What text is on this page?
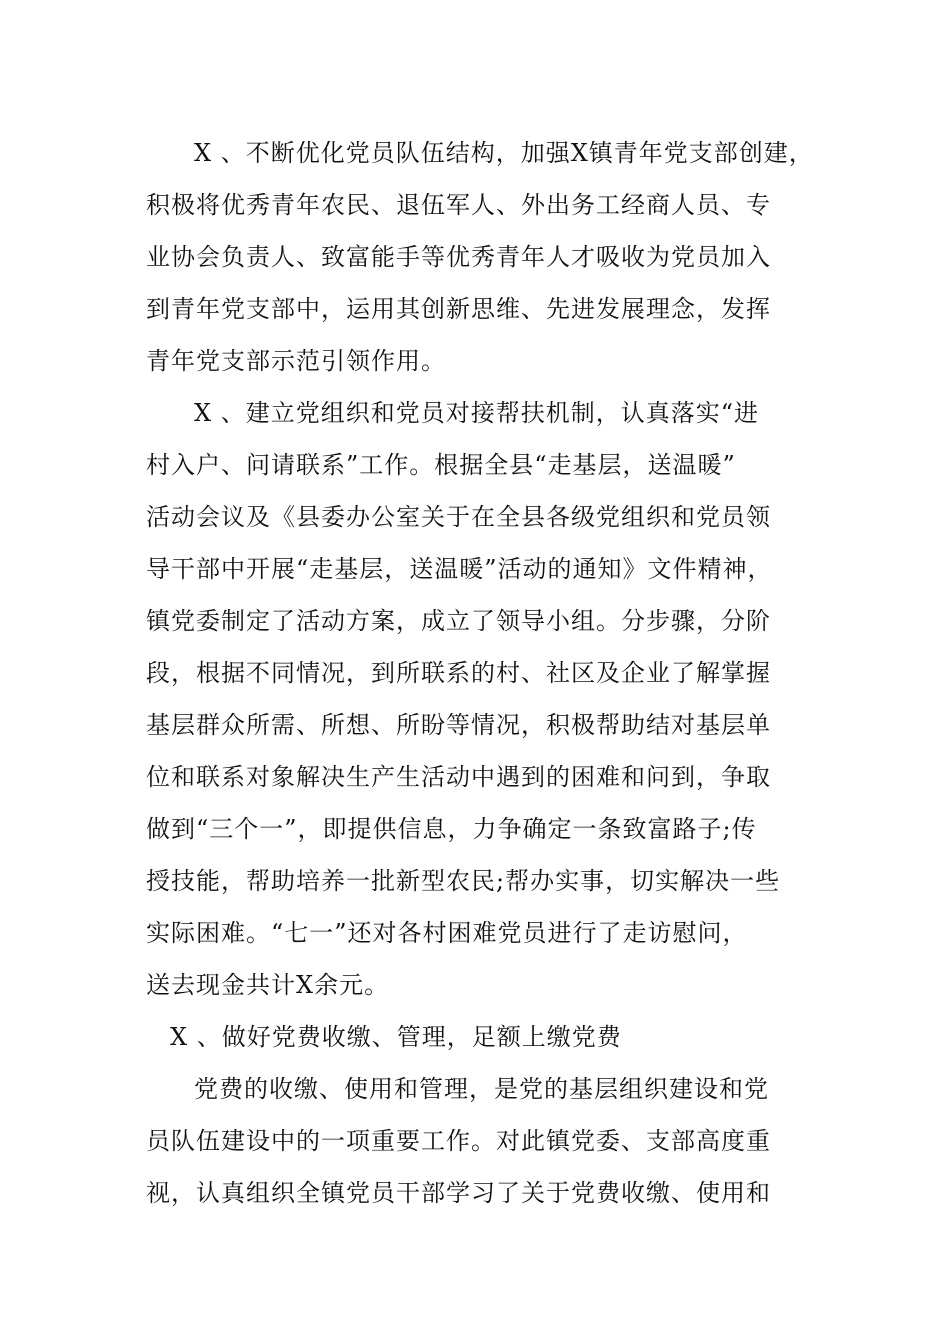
X 、不断优化党员队伍结构，加强X镇青年党支部创建，
积极将优秀青年农民、退伍军人、外出务工经商人员、专
业协会负责人、致富能手等优秀青年人才吸收为党员加入
到青年党支部中，运用其创新思维、先进发展理念，发挥
青年党支部示范引领作用。
X 、建立党组织和党员对接帮扶机制，认真落实“进
村入户、问请联系”工作。根据全县“走基层，送温暖”
活动会议及《县委办公室关于在全县各级党组织和党员领
导干部中开展“走基层，送温暖”活动的通知》文件精神，
镇党委制定了活动方案，成立了领导小组。分步骤，分阶
段，根据不同情况，到所联系的村、社区及企业了解掌握
基层群众所需、所想、所盼等情况，积极帮助结对基层单
位和联系对象解决生产生活动中遇到的困难和问到，争取
做到“三个一”，即提供信息，力争确定一条致富路子;传
授技能，帮助培养一批新型农民;帮办实事，切实解决一些
实际困难。“七一”还对各村困难党员进行了走访慰问，
送去现金共计X余元。
X 、做好党费收缴、管理，足额上缴党费
党费的收缴、使用和管理，是党的基层组织建设和党
员队伍建设中的一项重要工作。对此镇党委、支部高度重
视，认真组织全镇党员干部学习了关于党费收缴、使用和
